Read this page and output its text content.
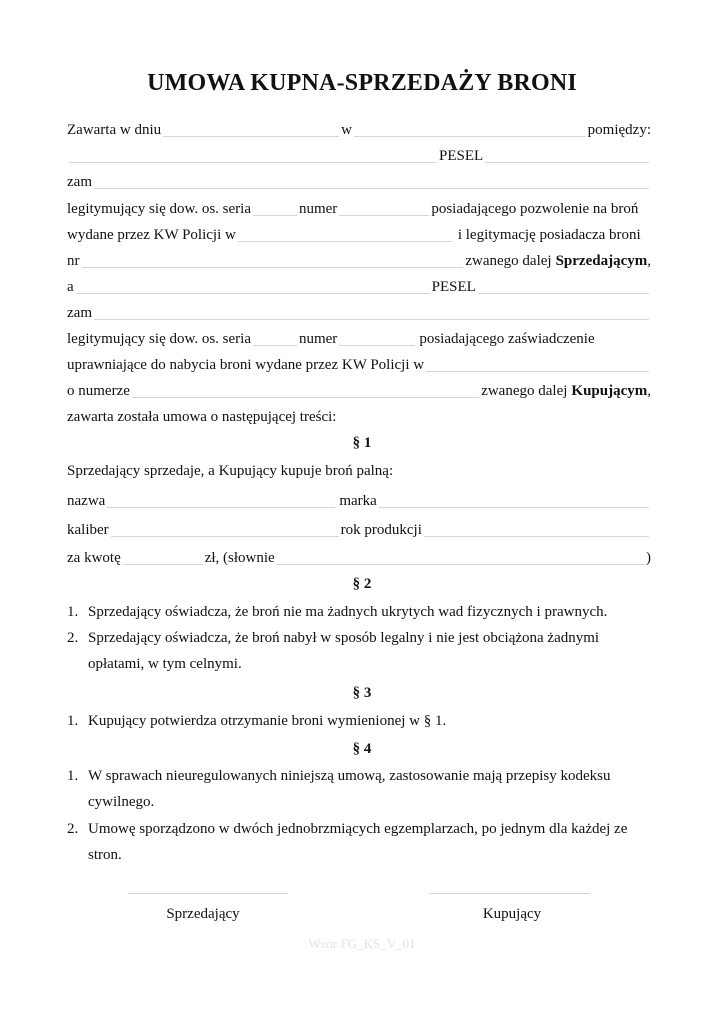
UMOWA KUPNA-SPRZEDAŻY BRONI
Zawarta w dniu	w	pomiędzy:
PESEL
zam
legitymujący się dow. os. seria	numer	posiadającego pozwolenie na broń
wydane przez KW Policji w	i legitymację posiadacza broni
nr	zwanego dalej Sprzedającym ,
a	PESEL
zam
legitymujący się dow. os. seria	numer	posiadającego zaświadczenie
uprawniające do nabycia broni wydane przez KW Policji w
o numerze	zwanego dalej Kupującym ,
zawarta została umowa o następującej treści:
§ 1
Sprzedający sprzedaje, a Kupujący kupuje broń palną:
nazwa	marka
kaliber	rok produkcji
za kwotę	zł, (słownie	)
§ 2
1. Sprzedający oświadcza, że broń nie ma żadnych ukrytych wad fizycznych i prawnych.
2. Sprzedający oświadcza, że broń nabył w sposób legalny i nie jest obciążona żadnymi opłatami, w tym celnymi.
§ 3
1. Kupujący potwierdza otrzymanie broni wymienionej w § 1.
§ 4
1. W sprawach nieuregulowanych niniejszą umową, zastosowanie mają przepisy kodeksu cywilnego.
2. Umowę sporządzono w dwóch jednobrzmiących egzemplarzach, po jednym dla każdej ze stron.
Sprzedający	Kupujący
Wzór FG_KS_V_01
